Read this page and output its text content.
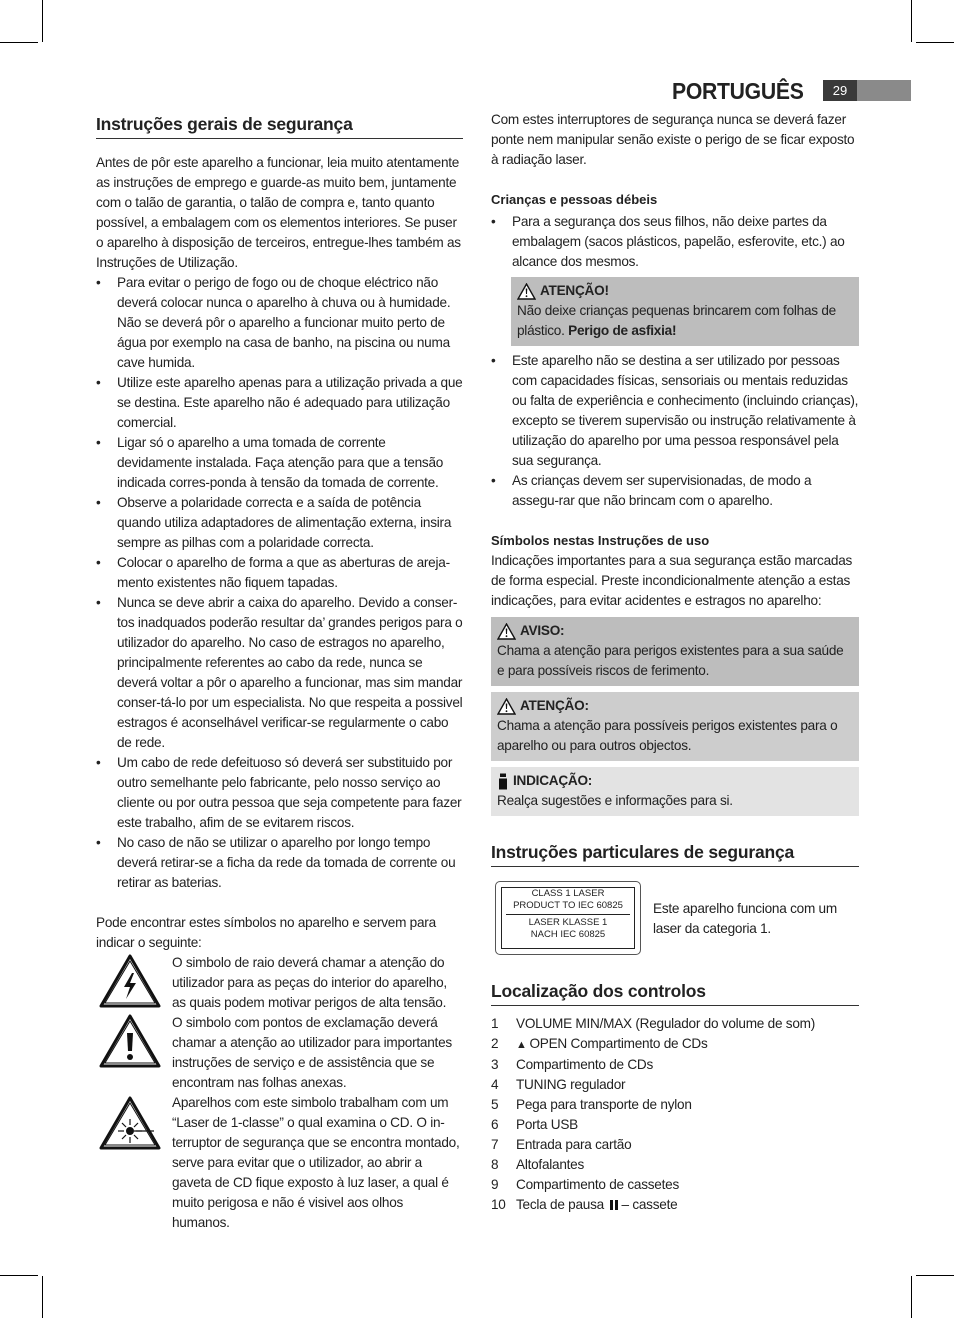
PORTUGUÊS	29
Instruções gerais de segurança

Antes de pôr este aparelho a funcionar, leia muito atentamente as instruções de emprego e guarde-as muito bem, juntamente com o talão de garantia, o talão de compra e, tanto quanto possível, a embalagem com os elementos interiores. Se puser o aparelho à disposição de terceiros, entregue-lhes também as Instruções de Utilização.

• Para evitar o perigo de fogo ou de choque eléctrico não deverá colocar nunca o aparelho à chuva ou à humidade. Não se deverá pôr o aparelho a funcionar muito perto de água por exemplo na casa de banho, na piscina ou numa cave humida.
• Utilize este aparelho apenas para a utilização privada a que se destina. Este aparelho não é adequado para utilização comercial.
• Ligar só o aparelho a uma tomada de corrente devidamente instalada. Faça atenção para que a tensão indicada corres-ponda à tensão da tomada de corrente.
• Observe a polaridade correcta e a saída de potência quando utiliza adaptadores de alimentação externa, insira sempre as pilhas com a polaridade correcta.
• Colocar o aparelho de forma a que as aberturas de areja-mento existentes não fiquem tapadas.
• Nunca se deve abrir a caixa do aparelho. Devido a conser-tos inadquados poderão resultar da’ grandes perigos para o utilizador do aparelho. No caso de estragos no aparelho, principalmente referentes ao cabo da rede, nunca se deverá voltar a pôr o aparelho a funcionar, mas sim mandar conser-tá-lo por um especialista. No que respeita a possivel estragos é aconselhável verificar-se regularmente o cabo de rede.
• Um cabo de rede defeituoso só deverá ser substituido por outro semelhante pelo fabricante, pelo nosso serviço ao cliente ou por outra pessoa que seja competente para fazer este trabalho, afim de se evitarem riscos.
• No caso de não se utilizar o aparelho por longo tempo deverá retirar-se a ficha da rede da tomada de corrente ou retirar as baterias.

Pode encontrar estes símbolos no aparelho e servem para indicar o seguinte:

O simbolo de raio deverá chamar a atenção do utilizador para as peças do interior do aparelho, as quais podem motivar perigos de alta tensão.
O simbolo com pontos de exclamação deverá chamar a atenção ao utilizador para importantes instruções de serviço e de assistência que se encontram nas folhas anexas.
Aparelhos com este simbolo trabalham com um “Laser de 1-classe” o qual examina o CD. O in-terruptor de segurança que se encontra montado, serve para evitar que o utilizador, ao abrir a gaveta de CD fique exposto à luz laser, a qual é muito perigosa e não é visivel aos olhos humanos.

Com estes interruptores de segurança nunca se deverá fazer ponte nem manipular senão existe o perigo de se ficar exposto à radiação laser.

Crianças e pessoas débeis

• Para a segurança dos seus filhos, não deixe partes da embalagem (sacos plásticos, papelão, esferovite, etc.) ao alcance dos mesmos.
ATENÇÃO!
Não deixe crianças pequenas brincarem com folhas de plástico. Perigo de asfixia!
• Este aparelho não se destina a ser utilizado por pessoas com capacidades físicas, sensoriais ou mentais reduzidas ou falta de experiência e conhecimento (incluindo crianças), excepto se tiverem supervisão ou instrução relativamente à utilização do aparelho por uma pessoa responsável pela sua segurança.
• As crianças devem ser supervisionadas, de modo a assegu-rar que não brincam com o aparelho.

Símbolos nestas Instruções de uso

Indicações importantes para a sua segurança estão marcadas de forma especial. Preste incondicionalmente atenção a estas indicações, para evitar acidentes e estragos no aparelho:

AVISO:
Chama a atenção para perigos existentes para a sua saúde e para possíveis riscos de ferimento.
ATENÇÃO:
Chama a atenção para possíveis perigos existentes para o aparelho ou para outros objectos.
INDICAÇÃO:
Realça sugestões e informações para si.
Instruções particulares de segurança
CLASS 1 LASER
PRODUCT TO IEC 60825
LASER KLASSE 1
NACH IEC 60825

Este aparelho funciona com um laser da categoria 1.

Localização dos controlos
1 VOLUME MIN/MAX (Regulador do volume de som)
2 ▲ OPEN Compartimento de CDs
3 Compartimento de CDs
4 TUNING regulador
5 Pega para transporte de nylon
6 Porta USB
7 Entrada para cartão
8 Altofalantes
9 Compartimento de cassetes
10 Tecla de pausa – cassete
